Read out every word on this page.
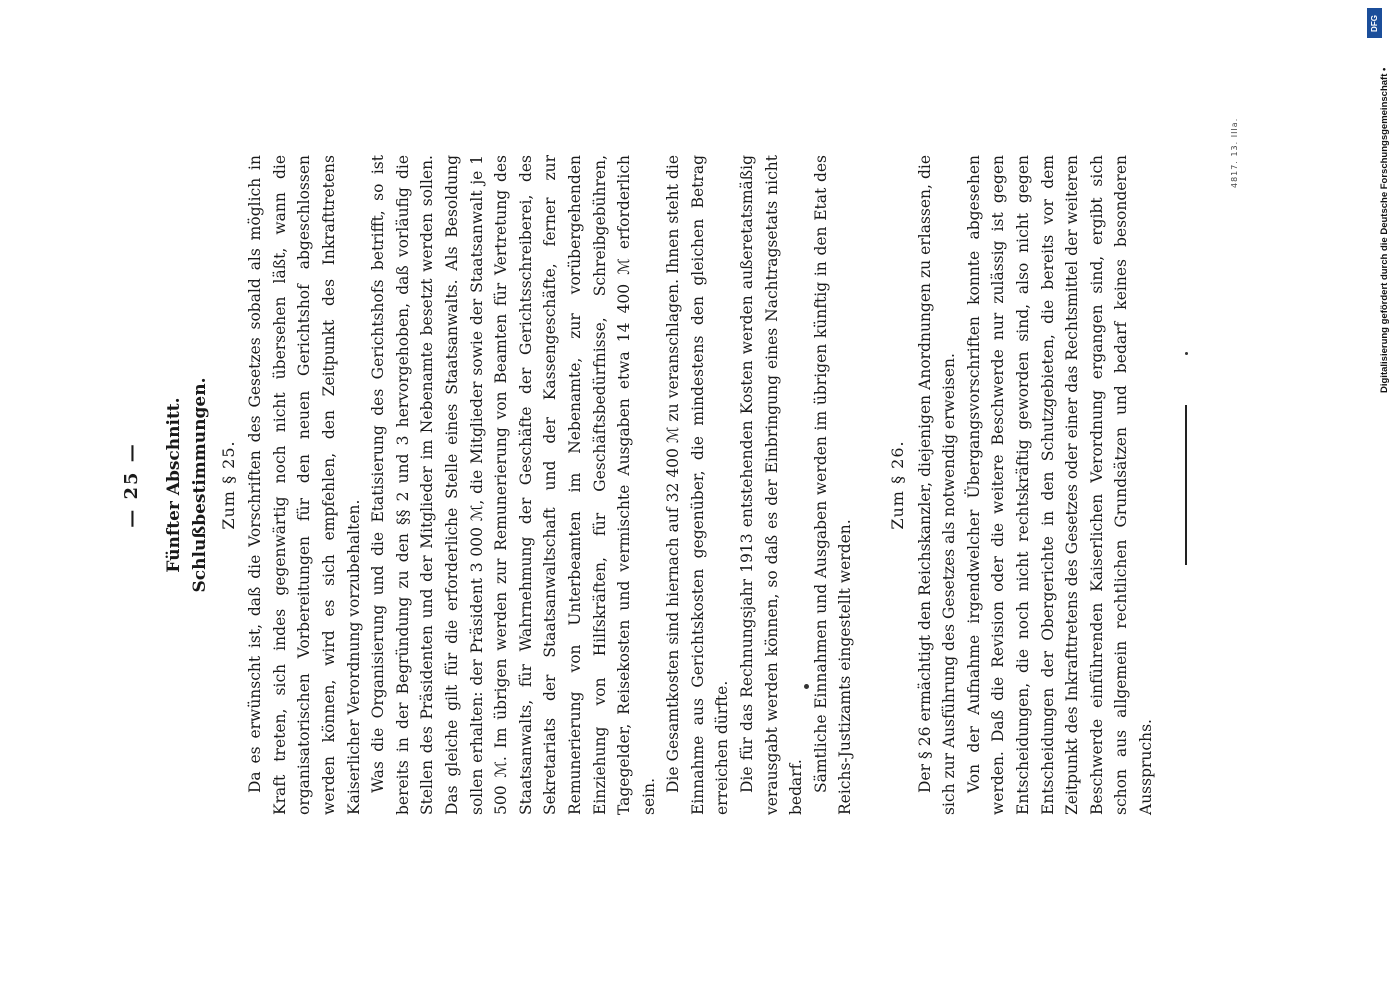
— 25 — Fünfter Abschnitt. Schlußbestimmungen. Zum § 25. Da es erwünscht ist, daß die Vorschriften des Gesetzes sobald als möglich in Kraft treten, sich indes gegenwärtig noch nicht übersehen läßt, wann die organisatorischen Vorbereitungen für den neuen Gerichtshof abgeschlossen werden können, wird es sich empfehlen, den Zeitpunkt des Inkrafttretens Kaiserlicher Verordnung vorzubehalten. Was die Organisierung und die Etatisierung des Gerichtshofs betrifft, so ist bereits in der Begründung zu den §§ 2 und 3 hervorgehoben, daß vorläufig die Stellen des Präsidenten und der Mitglieder im Nebenamte besetzt werden sollen. Das gleiche gilt für die erforderliche Stelle eines Staatsanwalts. Als Besoldung sollen erhalten: der Präsident 3 000 ℳ, die Mitglieder sowie der Staatsanwalt je 1 500 ℳ. Im übrigen werden zur Remunerierung von Beamten für Vertretung des Staatsanwalts, für Wahrnehmung der Geschäfte der Gerichtsschreiberei, des Sekretariats der Staatsanwaltschaft und der Kassengeschäfte, ferner zur Remunerierung von Unterbeamten im Nebenamte, zur vorübergehenden Einziehung von Hilfskräften, für Geschäftsbedürfnisse, Schreibgebühren, Tagegelder, Reisekosten und vermischte Ausgaben etwa 14 400 ℳ erforderlich sein.

Die Gesamtkosten sind hiernach auf 32 400 ℳ zu veranschlagen. Ihnen steht die Einnahme aus Gerichtskosten gegenüber, die mindestens den gleichen Betrag erreichen dürfte. Die für das Rechnungsjahr 1913 entstehenden Kosten werden außeretatsmäßig verausgabt werden können, so daß es der Einbringung eines Nachtragsetats nicht bedarf. Sämtliche Einnahmen und Ausgaben werden im übrigen künftig in den Etat des Reichs-Justizamts eingestellt werden.

Zum § 26. Der § 26 ermächtigt den Reichskanzler, diejenigen Anordnungen zu erlassen, die sich zur Ausführung des Gesetzes als notwendig erweisen. Von der Aufnahme irgendwelcher Übergangsvorschriften konnte abgesehen werden. Daß die Revision oder die weitere Beschwerde nur zulässig ist gegen Entscheidungen, die noch nicht rechtskräftig geworden sind, also nicht gegen Entscheidungen der Obergerichte in den Schutzgebieten, die bereits vor dem Zeitpunkt des Inkrafttretens des Gesetzes oder einer das Rechtsmittel der weiteren Beschwerde einführenden Kaiserlichen Verordnung ergangen sind, ergibt sich schon aus allgemein rechtlichen Grundsätzen und bedarf keines besonderen Ausspruchs.

4817. 13. IIIa.
DFG
Digitalisierung gefördert durch die Deutsche Forschungsgemeinschaft •
